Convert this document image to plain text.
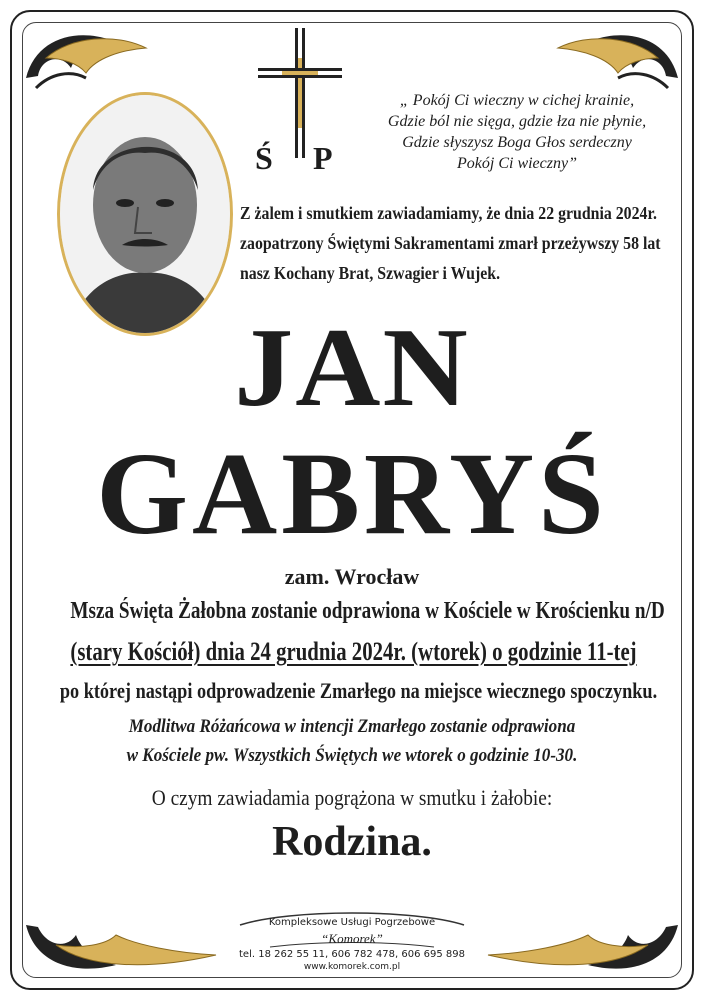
Ś P
„ Pokój Ci wieczny w cichej krainie,
Gdzie ból nie sięga, gdzie łza nie płynie,
Gdzie słyszysz Boga Głos serdeczny
Pokój Ci wieczny”
Z żalem i smutkiem zawiadamiamy, że dnia 22 grudnia 2024r.
zaopatrzony Świętymi Sakramentami zmarł przeżywszy 58 lat
nasz Kochany Brat, Szwagier i Wujek.
JAN
GABRYŚ
zam. Wrocław
Msza Święta Żałobna zostanie odprawiona w Kościele w Krościenku n/D
(stary Kościół) dnia 24 grudnia 2024r. (wtorek) o godzinie 11-tej
po której nastąpi odprowadzenie Zmarłego na miejsce wiecznego spoczynku.
Modlitwa Różańcowa w intencji Zmarłego zostanie odprawiona
w Kościele pw. Wszystkich Świętych we wtorek o godzinie 10-30.
O czym zawiadamia pogrążona w smutku i żałobie:
Rodzina.
Kompleksowe Usługi Pogrzebowe
“Komorek”
tel. 18 262 55 11, 606 782 478, 606 695 898
www.komorek.com.pl
